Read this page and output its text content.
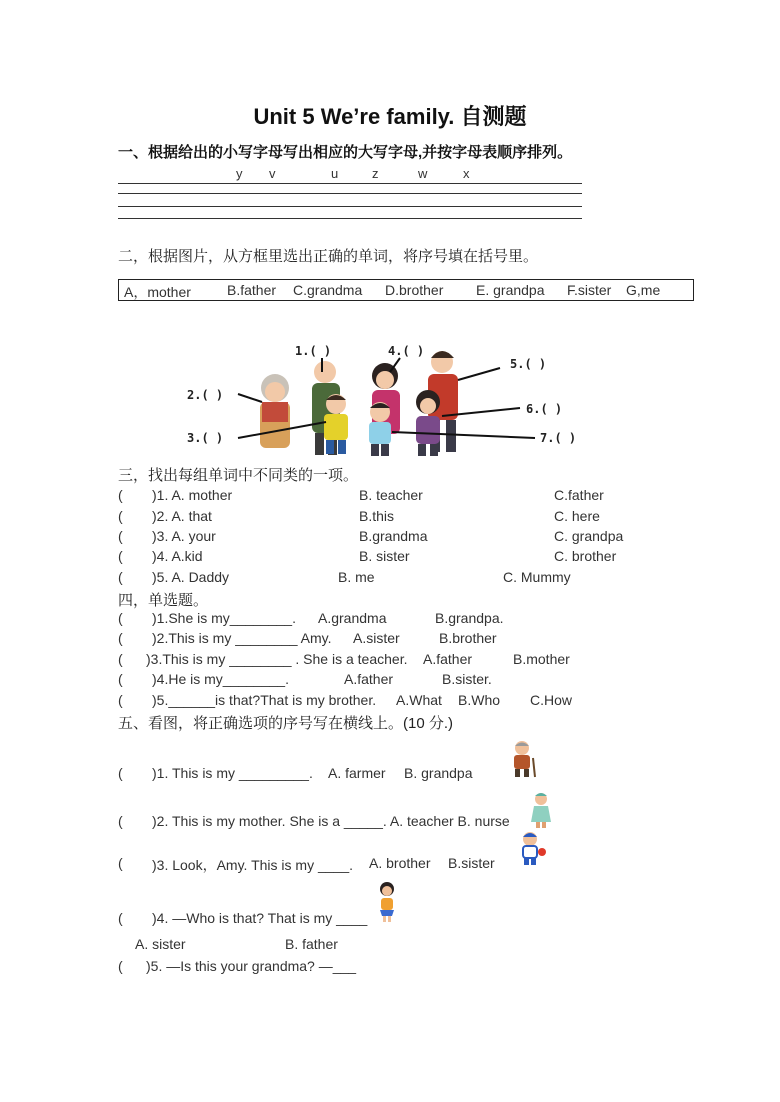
Unit 5 We’re family. 自测题
一、根据给出的小写字母写出相应的大写字母,并按字母表顺序排列。
y v	u	z	w	x
二，根据图片，从方框里选出正确的单词，将序号填在括号里。
A，mother	B.father C.grandma D.brother E. grandpa F.sister G,me
1.( )	4.( )
5.( )
2.( )
6.( )
3.( )	7.( )
三，找出每组单词中不同类的一项。
( )1. A. mother	B. teacher	C.father
( )2. A. that	B.this	C. here
( )3. A. your	B.grandma	C. grandpa
( )4. A.kid	B. sister	C. brother
( )5. A. Daddy	B. me	C. Mummy
四，单选题。
( )1.She is my________. A.grandma	B.grandpa.
( )2.This is my ________ Amy. A.sister	B.brother
( )3.This is my ________ . She is a teacher. A.father	B.mother
( )4.He is my________.	A.father	B.sister.
( )5.______is that?That is my brother. A.What B.Who C.How
五、看图，将正确选项的序号写在横线上。(10 分.)
( )1. This is my _________. A. farmer B. grandpa
( )2. This is my mother. She is a _____. A. teacher B. nurse
( )3. Look，Amy. This is my ____. A. brother B.sister
( )4. —Who is that? That is my ____
A. sister	B. father
( )5. —Is this your grandma? —___
